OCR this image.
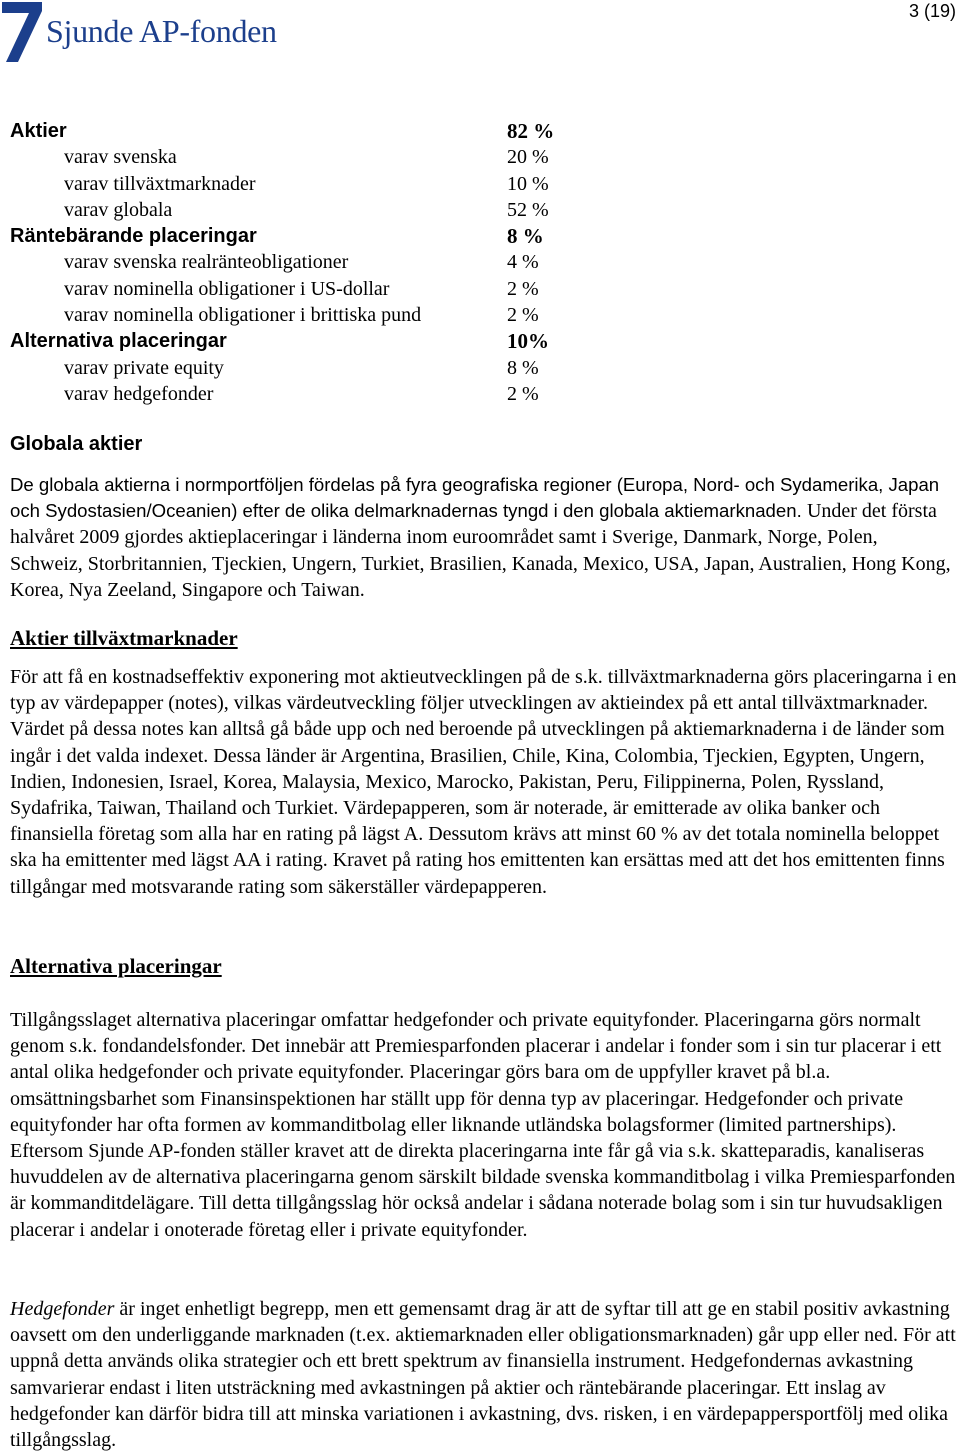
Sjunde AP-fonden
3 (19)
Aktier	82 %
varav svenska	20 %
varav tillväxtmarknader	10 %
varav globala	52 %
Räntebärande placeringar	8 %
varav svenska realränteobligationer	4 %
varav nominella obligationer i US-dollar	2 %
varav nominella obligationer i brittiska pund	2 %
Alternativa placeringar	10%
varav private equity	8 %
varav hedgefonder	2 %
Globala aktier
De globala aktierna i normportföljen fördelas på fyra geografiska regioner (Europa, Nord- och Sydamerika, Japan och Sydostasien/Oceanien) efter de olika delmarknadernas tyngd i den globala aktiemarknaden. Under det första halvåret 2009 gjordes aktieplaceringar i länderna inom euroområdet samt i Sverige, Danmark, Norge, Polen, Schweiz, Storbritannien, Tjeckien, Ungern, Turkiet, Brasilien, Kanada, Mexico, USA, Japan, Australien, Hong Kong, Korea, Nya Zeeland, Singapore och Taiwan.
Aktier tillväxtmarknader
För att få en kostnadseffektiv exponering mot aktieutvecklingen på de s.k. tillväxtmarknaderna görs placeringarna i en typ av värdepapper (notes), vilkas värdeutveckling följer utvecklingen av aktieindex på ett antal tillväxtmarknader. Värdet på dessa notes kan alltså gå både upp och ned beroende på utvecklingen på aktiemarknaderna i de länder som ingår i det valda indexet. Dessa länder är Argentina, Brasilien, Chile, Kina, Colombia, Tjeckien, Egypten, Ungern, Indien, Indonesien, Israel, Korea, Malaysia, Mexico, Marocko, Pakistan, Peru, Filippinerna, Polen, Ryssland, Sydafrika, Taiwan, Thailand och Turkiet. Värdepapperen, som är noterade, är emitterade av olika banker och finansiella företag som alla har en rating på lägst A. Dessutom krävs att minst 60 % av det totala nominella beloppet ska ha emittenter med lägst AA i rating. Kravet på rating hos emittenten kan ersättas med att det hos emittenten finns tillgångar med motsvarande rating som säkerställer värdepapperen.
Alternativa placeringar
Tillgångsslaget alternativa placeringar omfattar hedgefonder och private equityfonder. Placeringarna görs normalt genom s.k. fondandelsfonder. Det innebär att Premiesparfonden placerar i andelar i fonder som i sin tur placerar i ett antal olika hedgefonder och private equityfonder. Placeringar görs bara om de uppfyller kravet på bl.a. omsättningsbarhet som Finansinspektionen har ställt upp för denna typ av placeringar. Hedgefonder och private equityfonder har ofta formen av kommanditbolag eller liknande utländska bolagsformer (limited partnerships). Eftersom Sjunde AP-fonden ställer kravet att de direkta placeringarna inte får gå via s.k. skatteparadis, kanaliseras huvuddelen av de alternativa placeringarna genom särskilt bildade svenska kommanditbolag i vilka Premiesparfonden är kommanditdelägare. Till detta tillgångsslag hör också andelar i sådana noterade bolag som i sin tur huvudsakligen placerar i andelar i onoterade företag eller i private equityfonder.
Hedgefonder är inget enhetligt begrepp, men ett gemensamt drag är att de syftar till att ge en stabil positiv avkastning oavsett om den underliggande marknaden (t.ex. aktiemarknaden eller obligationsmarknaden) går upp eller ned. För att uppnå detta används olika strategier och ett brett spektrum av finansiella instrument. Hedgefondernas avkastning samvarierar endast i liten utsträckning med avkastningen på aktier och räntebärande placeringar. Ett inslag av hedgefonder kan därför bidra till att minska variationen i avkastning, dvs. risken, i en värdepappersportfölj med olika tillgångsslag.
